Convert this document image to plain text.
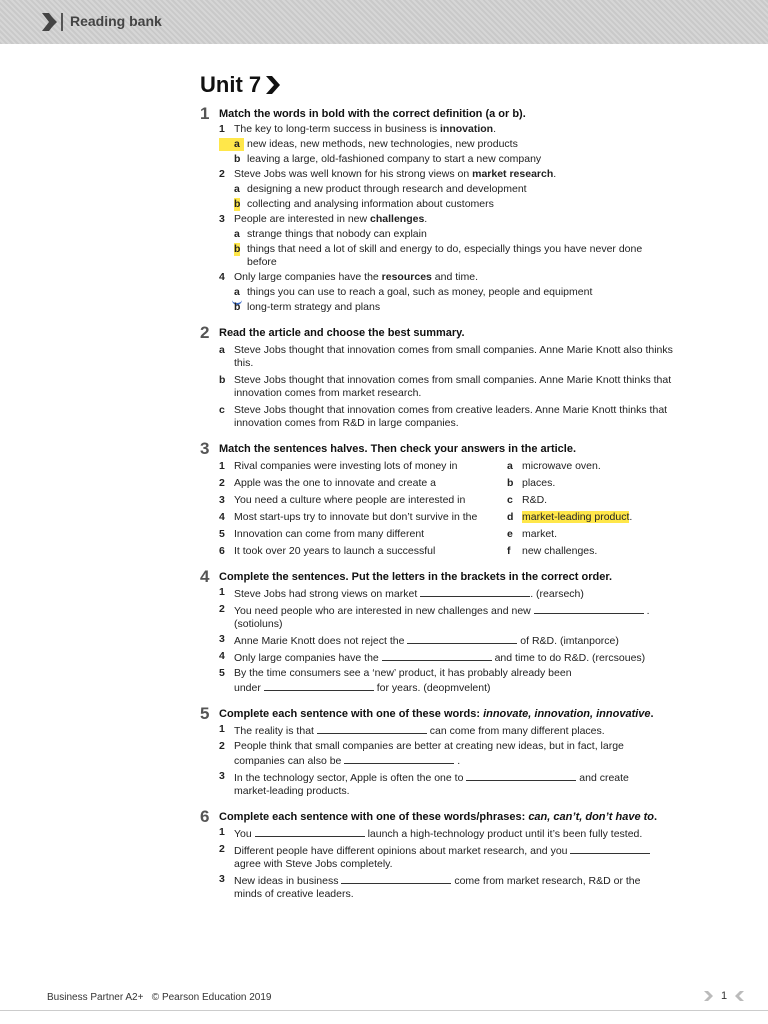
Reading bank
Unit 7
1 Match the words in bold with the correct definition (a or b).
1 The key to long-term success in business is innovation.
a new ideas, new methods, new technologies, new products
b leaving a large, old-fashioned company to start a new company
2 Steve Jobs was well known for his strong views on market research.
a designing a new product through research and development
b collecting and analysing information about customers
3 People are interested in new challenges.
a strange things that nobody can explain
b things that need a lot of skill and energy to do, especially things you have never done before
4 Only large companies have the resources and time.
a things you can use to reach a goal, such as money, people and equipment
b long-term strategy and plans
2 Read the article and choose the best summary.
a Steve Jobs thought that innovation comes from small companies. Anne Marie Knott also thinks this.
b Steve Jobs thought that innovation comes from small companies. Anne Marie Knott thinks that innovation comes from market research.
c Steve Jobs thought that innovation comes from creative leaders. Anne Marie Knott thinks that innovation comes from R&D in large companies.
3 Match the sentences halves. Then check your answers in the article.
1 Rival companies were investing lots of money in	a microwave oven.
2 Apple was the one to innovate and create a	b places.
3 You need a culture where people are interested in	c R&D.
4 Most start-ups try to innovate but don’t survive in the	d market-leading product.
5 Innovation can come from many different	e market.
6 It took over 20 years to launch a successful	f new challenges.
4 Complete the sentences. Put the letters in the brackets in the correct order.
1 Steve Jobs had strong views on market	. (rearsech)
2 You need people who are interested in new challenges and new	.
(sotioluns)
3 Anne Marie Knott does not reject the	of R&D. (imtanporce)
4 Only large companies have the	and time to do R&D. (rercsoues)
5 By the time consumers see a ‘new’ product, it has probably already been
under	for years. (deopmvelent)
5 Complete each sentence with one of these words: innovate, innovation, innovative.
1 The reality is that	can come from many different places.
2 People think that small companies are better at creating new ideas, but in fact, large
companies can also be	.
3 In the technology sector, Apple is often the one to	and create
market-leading products.
6 Complete each sentence with one of these words/phrases: can, can’t, don’t have to.
1 You	launch a high-technology product until it’s been fully tested.
2 Different people have different opinions about market research, and you
agree with Steve Jobs completely.
3 New ideas in business	come from market research, R&D or the
minds of creative leaders.
Business Partner A2+ © Pearson Education 2019	1
